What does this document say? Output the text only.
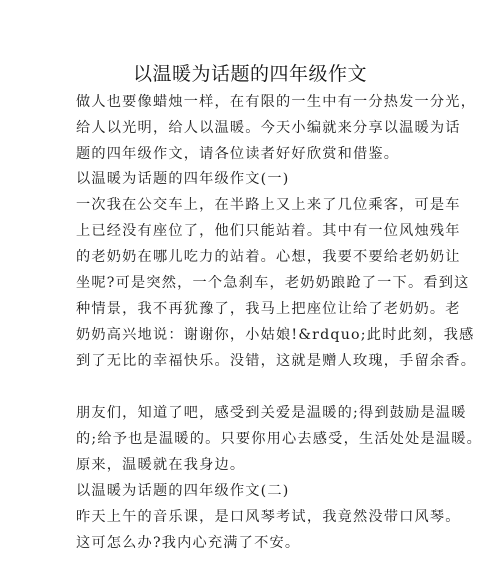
以温暖为话题的四年级作文
做人也要像蜡烛一样，在有限的一生中有一分热发一分光，
给人以光明，给人以温暖。今天小编就来分享以温暖为话
题的四年级作文，请各位读者好好欣赏和借鉴。
以温暖为话题的四年级作文(一)
一次我在公交车上，在半路上又上来了几位乘客，可是车
上已经没有座位了，他们只能站着。其中有一位风烛残年
的老奶奶在哪儿吃力的站着。心想，我要不要给老奶奶让
坐呢?可是突然，一个急刹车，老奶奶踉跄了一下。看到这
种情景，我不再犹豫了，我马上把座位让给了老奶奶。老
奶奶高兴地说：谢谢你，小姑娘!&rdquo;此时此刻，我感
到了无比的幸福快乐。没错，这就是赠人玫瑰，手留余香。
朋友们，知道了吧，感受到关爱是温暖的;得到鼓励是温暖
的;给予也是温暖的。只要你用心去感受，生活处处是温暖。
原来，温暖就在我身边。
以温暖为话题的四年级作文(二)
昨天上午的音乐课，是口风琴考试，我竟然没带口风琴。
这可怎么办?我内心充满了不安。
